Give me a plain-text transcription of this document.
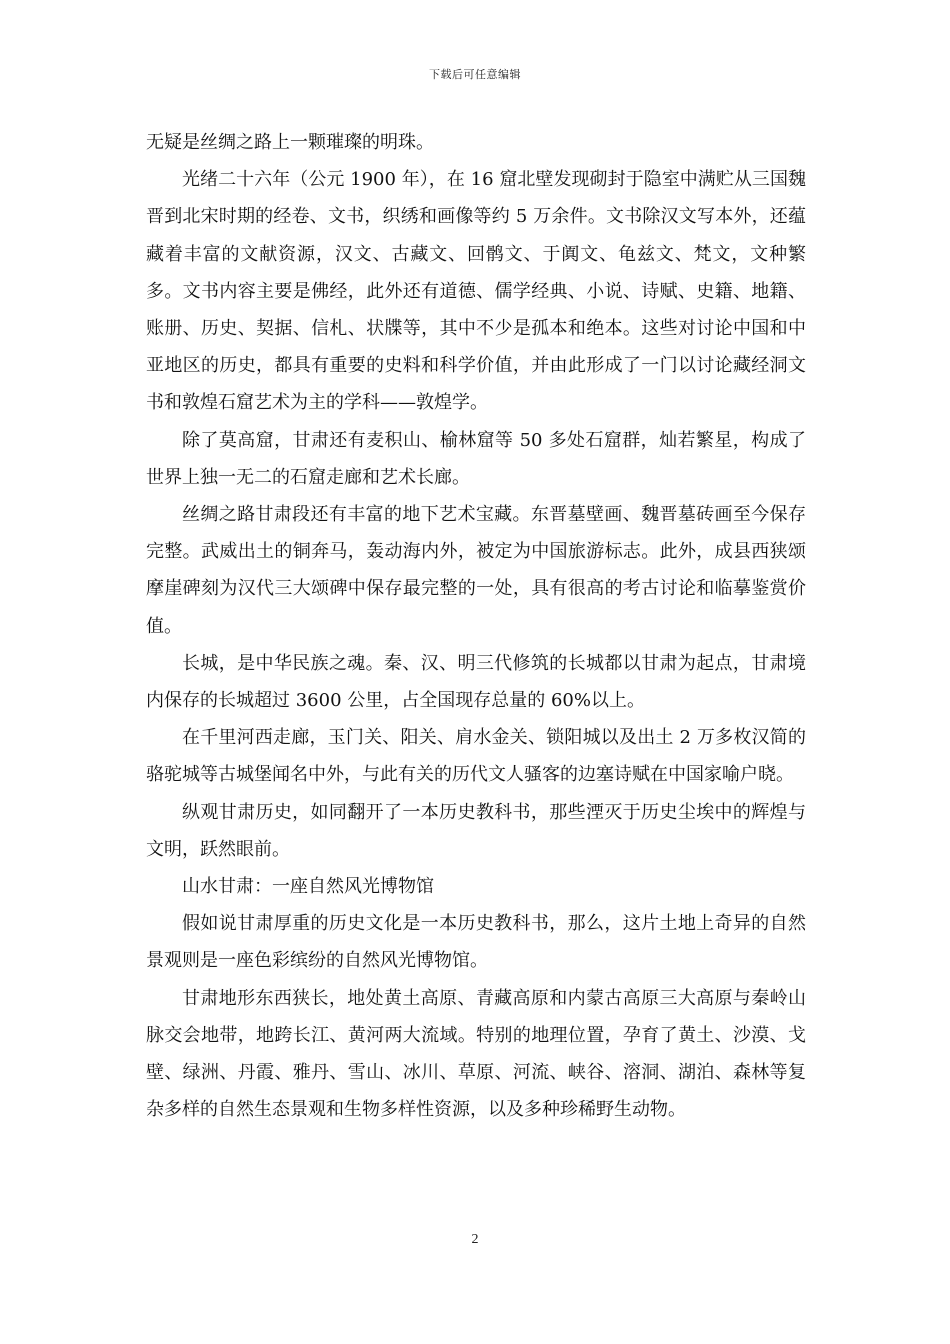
下载后可任意编辑

无疑是丝绸之路上一颗璀璨的明珠。

光绪二十六年（公元 1900 年），在 16 窟北壁发现砌封于隐室中满贮从三国魏晋到北宋时期的经卷、文书，织绣和画像等约 5 万余件。文书除汉文写本外，还蕴藏着丰富的文献资源，汉文、古藏文、回鹘文、于阗文、龟兹文、梵文，文种繁多。文书内容主要是佛经，此外还有道德、儒学经典、小说、诗赋、史籍、地籍、账册、历史、契据、信札、状牒等，其中不少是孤本和绝本。这些对讨论中国和中亚地区的历史，都具有重要的史料和科学价值，并由此形成了一门以讨论藏经洞文书和敦煌石窟艺术为主的学科——敦煌学。

除了莫高窟，甘肃还有麦积山、榆林窟等 50 多处石窟群，灿若繁星，构成了世界上独一无二的石窟走廊和艺术长廊。

丝绸之路甘肃段还有丰富的地下艺术宝藏。东晋墓壁画、魏晋墓砖画至今保存完整。武威出土的铜奔马，轰动海内外，被定为中国旅游标志。此外，成县西狭颂摩崖碑刻为汉代三大颂碑中保存最完整的一处，具有很高的考古讨论和临摹鉴赏价值。

长城，是中华民族之魂。秦、汉、明三代修筑的长城都以甘肃为起点，甘肃境内保存的长城超过 3600 公里，占全国现存总量的 60%以上。

在千里河西走廊，玉门关、阳关、肩水金关、锁阳城以及出土 2 万多枚汉简的骆驼城等古城堡闻名中外，与此有关的历代文人骚客的边塞诗赋在中国家喻户晓。

纵观甘肃历史，如同翻开了一本历史教科书，那些湮灭于历史尘埃中的辉煌与文明，跃然眼前。

山水甘肃：一座自然风光博物馆

假如说甘肃厚重的历史文化是一本历史教科书，那么，这片土地上奇异的自然景观则是一座色彩缤纷的自然风光博物馆。

甘肃地形东西狭长，地处黄土高原、青藏高原和内蒙古高原三大高原与秦岭山脉交会地带，地跨长江、黄河两大流域。特别的地理位置，孕育了黄土、沙漠、戈壁、绿洲、丹霞、雅丹、雪山、冰川、草原、河流、峡谷、溶洞、湖泊、森林等复杂多样的自然生态景观和生物多样性资源，以及多种珍稀野生动物。

2
